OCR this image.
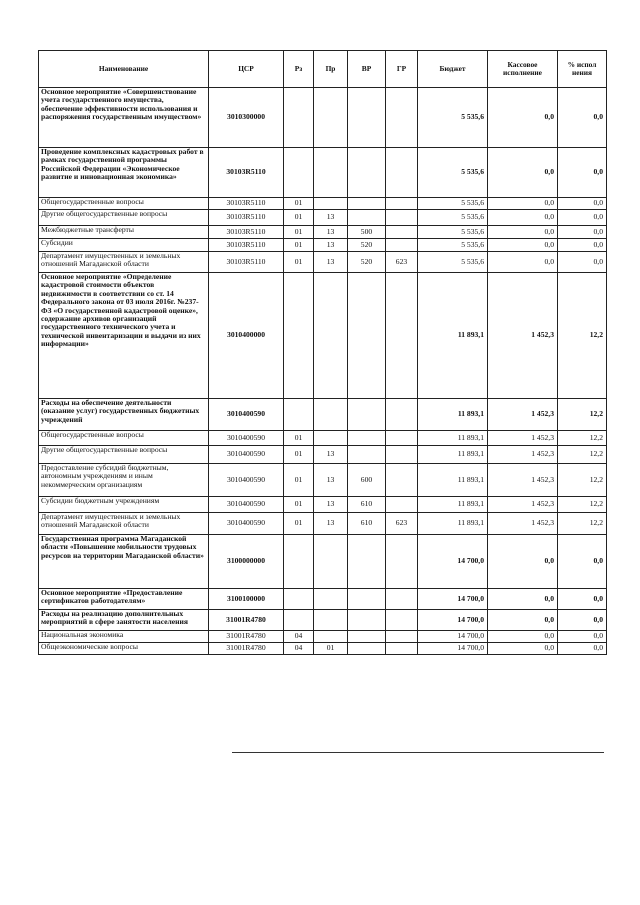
Наименование	ЦСР	Рз	Пр	ВР	ГР	Бюджет	Кассовое исполнение	% испол нения
Основное мероприятие «Совершенствование учета государственного имущества, обеспечение эффективности использования и распоряжения государственным имуществом»	3010300000					5 535,6	0,0	0,0
Проведение комплексных кадастровых работ в рамках государственной программы Российской Федерации «Экономическое развитие и инновационная экономика»	30103R5110					5 535,6	0,0	0,0
Общегосударственные вопросы	30103R5110	01				5 535,6	0,0	0,0
Другие общегосударственные вопросы	30103R5110	01	13			5 535,6	0,0	0,0
Межбюджетные трансферты	30103R5110	01	13	500		5 535,6	0,0	0,0
Субсидии	30103R5110	01	13	520		5 535,6	0,0	0,0
Департамент имущественных и земельных отношений Магаданской области	30103R5110	01	13	520	623	5 535,6	0,0	0,0
Основное мероприятие «Определение кадастровой стоимости объектов недвижимости в соответствии со ст. 14 Федерального закона от 03 июля 2016г. №237-ФЗ «О государственной кадастровой оценке», содержание архивов организаций государственного технического учета и технической инвентаризации и выдачи из них информации»	3010400000					11 893,1	1 452,3	12,2
Расходы на обеспечение деятельности (оказание услуг) государственных бюджетных учреждений	3010400590					11 893,1	1 452,3	12,2
Общегосударственные вопросы	3010400590	01				11 893,1	1 452,3	12,2
Другие общегосударственные вопросы	3010400590	01	13			11 893,1	1 452,3	12,2
Предоставление субсидий бюджетным, автономным учреждениям и иным некоммерческим организациям	3010400590	01	13	600		11 893,1	1 452,3	12,2
Субсидии бюджетным учреждениям	3010400590	01	13	610		11 893,1	1 452,3	12,2
Департамент имущественных и земельных отношений Магаданской области	3010400590	01	13	610	623	11 893,1	1 452,3	12,2
Государственная программа Магаданской области «Повышение мобильности трудовых ресурсов на территории Магаданской области»	3100000000					14 700,0	0,0	0,0
Основное мероприятие «Предоставление сертификатов работодателям»	3100100000					14 700,0	0,0	0,0
Расходы на реализацию дополнительных мероприятий в сфере занятости населения	31001R4780					14 700,0	0,0	0,0
Национальная экономика	31001R4780	04				14 700,0	0,0	0,0
Общеэкономические вопросы	31001R4780	04	01			14 700,0	0,0	0,0
